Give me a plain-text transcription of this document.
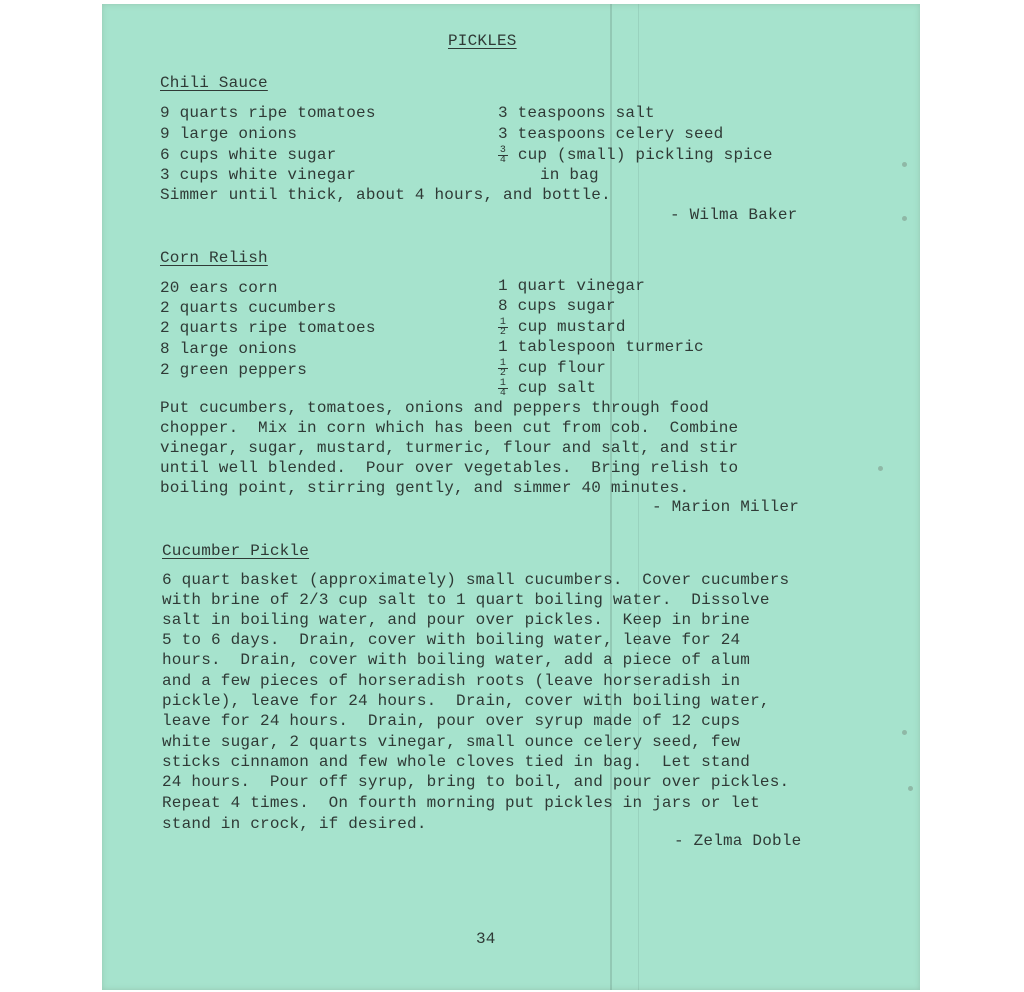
PICKLES
Chili Sauce
9 quarts ripe tomatoes
9 large onions
6 cups white sugar
3 cups white vinegar
3 teaspoons salt
3 teaspoons celery seed
$\frac{3}{4}$ cup (small) pickling spice
in bag
Simmer until thick, about 4 hours, and bottle.
- Wilma Baker
Corn Relish
20 ears corn
2 quarts cucumbers
2 quarts ripe tomatoes
8 large onions
2 green peppers
1 quart vinegar
8 cups sugar
$\frac{1}{2}$ cup mustard
1 tablespoon turmeric
$\frac{1}{2}$ cup flour
$\frac{1}{4}$ cup salt
Put cucumbers, tomatoes, onions and peppers through food
chopper.  Mix in corn which has been cut from cob.  Combine
vinegar, sugar, mustard, turmeric, flour and salt, and stir
until well blended.  Pour over vegetables.  Bring relish to
boiling point, stirring gently, and simmer 40 minutes.
- Marion Miller
Cucumber Pickle
6 quart basket (approximately) small cucumbers.  Cover cucumbers
with brine of 2/3 cup salt to 1 quart boiling water.  Dissolve
salt in boiling water, and pour over pickles.  Keep in brine
5 to 6 days.  Drain, cover with boiling water, leave for 24
hours.  Drain, cover with boiling water, add a piece of alum
and a few pieces of horseradish roots (leave horseradish in
pickle), leave for 24 hours.  Drain, cover with boiling water,
leave for 24 hours.  Drain, pour over syrup made of 12 cups
white sugar, 2 quarts vinegar, small ounce celery seed, few
sticks cinnamon and few whole cloves tied in bag.  Let stand
24 hours.  Pour off syrup, bring to boil, and pour over pickles.
Repeat 4 times.  On fourth morning put pickles in jars or let
stand in crock, if desired.
- Zelma Doble
34
